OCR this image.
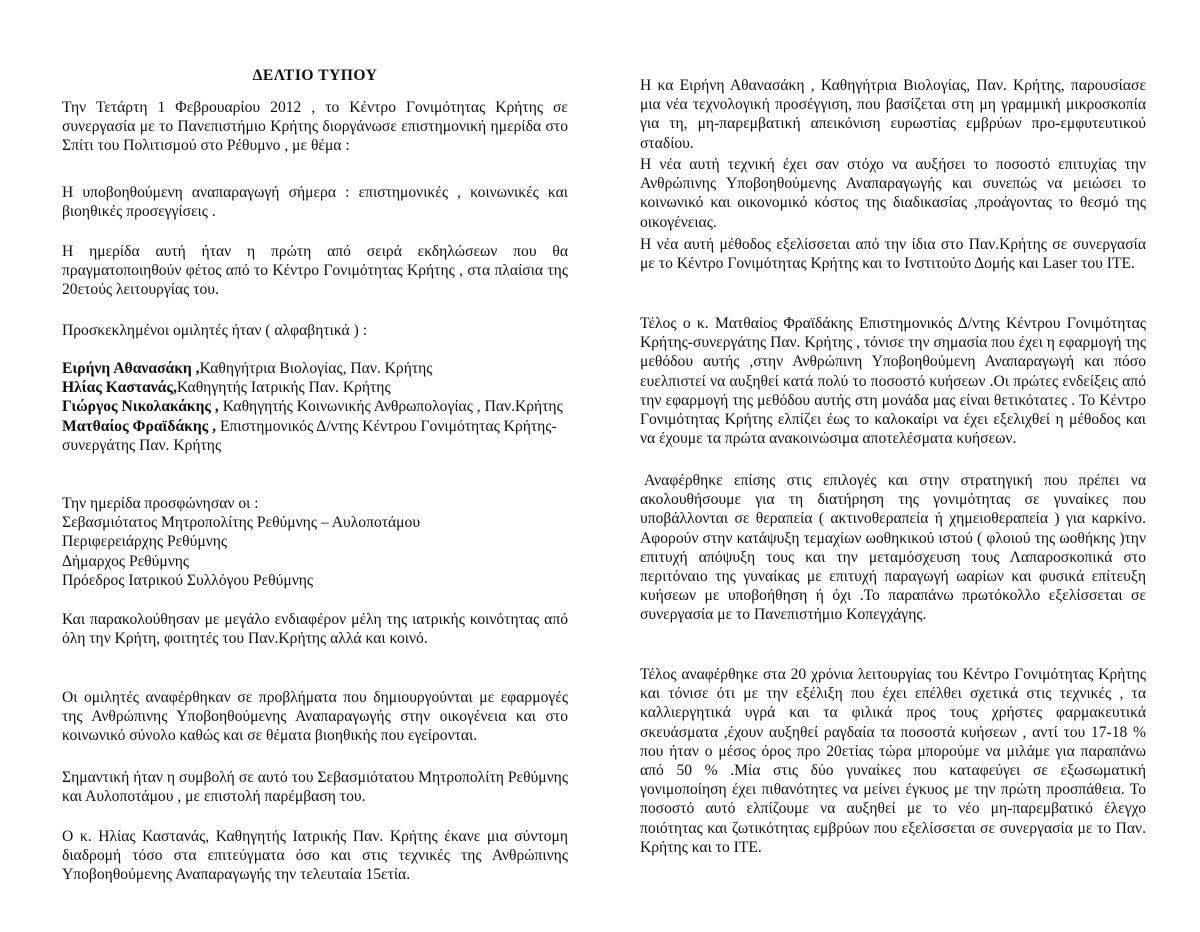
ΔΕΛΤΙΟ ΤΥΠΟΥ
Την Τετάρτη 1 Φεβρουαρίου 2012 , το Κέντρο Γονιμότητας Κρήτης σε συνεργασία με το Πανεπιστήμιο Κρήτης διοργάνωσε επιστημονική ημερίδα στο Σπίτι του Πολιτισμού στο Ρέθυμνο , με θέμα :
Η υποβοηθούμενη αναπαραγωγή σήμερα : επιστημονικές , κοινωνικές και βιοηθικές προσεγγίσεις .
Η ημερίδα αυτή ήταν η πρώτη από σειρά εκδηλώσεων που θα πραγματοποιηθούν φέτος από το Κέντρο Γονιμότητας Κρήτης , στα πλαίσια της 20ετούς λειτουργίας του.
Προσκεκλημένοι ομιλητές ήταν ( αλφαβητικά ) :
Ειρήνη Αθανασάκη ,Καθηγήτρια Βιολογίας, Παν. Κρήτης
Ηλίας Καστανάς,Καθηγητής Ιατρικής Παν. Κρήτης
Γιώργος Νικολακάκης , Καθηγητής Κοινωνικής Ανθρωπολογίας , Παν.Κρήτης
Ματθαίος Φραϊδάκης , Επιστημονικός Δ/ντης Κέντρου Γονιμότητας Κρήτης-συνεργάτης Παν. Κρήτης
Την ημερίδα προσφώνησαν οι :
Σεβασμιότατος Μητροπολίτης Ρεθύμνης – Αυλοποτάμου
Περιφερειάρχης Ρεθύμνης
Δήμαρχος Ρεθύμνης
Πρόεδρος Ιατρικού Συλλόγου Ρεθύμνης
Και παρακολούθησαν με μεγάλο ενδιαφέρον μέλη της ιατρικής κοινότητας από όλη την Κρήτη, φοιτητές του Παν.Κρήτης αλλά και κοινό.
Οι ομιλητές αναφέρθηκαν σε προβλήματα που δημιουργούνται με εφαρμογές της Ανθρώπινης Υποβοηθούμενης Αναπαραγωγής στην οικογένεια και στο κοινωνικό σύνολο καθώς και σε θέματα βιοηθικής που εγείρονται.
Σημαντική ήταν η συμβολή σε αυτό του Σεβασμιότατου Μητροπολίτη Ρεθύμνης και Αυλοποτάμου , με επιστολή παρέμβαση του.
Ο κ. Ηλίας Καστανάς, Καθηγητής Ιατρικής Παν. Κρήτης έκανε μια σύντομη διαδρομή τόσο στα επιτεύγματα όσο και στις τεχνικές της Ανθρώπινης Υποβοηθούμενης Αναπαραγωγής την τελευταία 15ετία.
Η κα Ειρήνη Αθανασάκη , Καθηγήτρια Βιολογίας, Παν. Κρήτης, παρουσίασε μια νέα τεχνολογική προσέγγιση, που βασίζεται στη μη γραμμική μικροσκοπία για τη, μη-παρεμβατική απεικόνιση ευρωστίας εμβρύων προ-εμφυτευτικού σταδίου.
Η νέα αυτή τεχνική έχει σαν στόχο να αυξήσει το ποσοστό επιτυχίας την Ανθρώπινης Υποβοηθούμενης Αναπαραγωγής και συνεπώς να μειώσει το κοινωνικό και οικονομικό κόστος της διαδικασίας ,προάγοντας το θεσμό της οικογένειας.
Η νέα αυτή μέθοδος εξελίσσεται από την ίδια στο Παν.Κρήτης σε συνεργασία με το Κέντρο Γονιμότητας Κρήτης και το Ινστιτούτο Δομής και Laser του ΙΤΕ.
Τέλος ο κ. Ματθαίος Φραϊδάκης Επιστημονικός Δ/ντης Κέντρου Γονιμότητας Κρήτης-συνεργάτης Παν. Κρήτης , τόνισε την σημασία που έχει η εφαρμογή της μεθόδου αυτής ,στην Ανθρώπινη Υποβοηθούμενη Αναπαραγωγή και πόσο ευελπιστεί να αυξηθεί κατά πολύ το ποσοστό κυήσεων .Οι πρώτες ενδείξεις από την εφαρμογή της μεθόδου αυτής στη μονάδα μας είναι θετικότατες . Το Κέντρο Γονιμότητας Κρήτης ελπίζει έως το καλοκαίρι να έχει εξελιχθεί η μέθοδος και να έχουμε τα πρώτα ανακοινώσιμα αποτελέσματα κυήσεων.
Αναφέρθηκε επίσης στις επιλογές και στην στρατηγική που πρέπει να ακολουθήσουμε για τη διατήρηση της γονιμότητας σε γυναίκες που υποβάλλονται σε θεραπεία ( ακτινοθεραπεία ή χημειοθεραπεία ) για καρκίνο. Αφορούν στην κατάψυξη τεμαχίων ωοθηκικού ιστού ( φλοιού της ωοθήκης )την επιτυχή απόψυξη τους και την μεταμόσχευση τους Λαπαροσκοπικά στο περιτόναιο της γυναίκας με επιτυχή παραγωγή ωαρίων και φυσικά επίτευξη κυήσεων με υποβοήθηση ή όχι .Το παραπάνω πρωτόκολλο εξελίσσεται σε συνεργασία με το Πανεπιστήμιο Κοπεγχάγης.
Τέλος αναφέρθηκε στα 20 χρόνια λειτουργίας του Κέντρο Γονιμότητας Κρήτης και τόνισε ότι με την εξέλιξη που έχει επέλθει σχετικά στις τεχνικές , τα καλλιεργητικά υγρά και τα φιλικά προς τους χρήστες φαρμακευτικά σκευάσματα ,έχουν αυξηθεί ραγδαία τα ποσοστά κυήσεων , αντί του 17-18 % που ήταν ο μέσος όρος προ 20ετίας τώρα μπορούμε να μιλάμε για παραπάνω από 50 % .Μία στις δύο γυναίκες που καταφεύγει σε εξωσωματική γονιμοποίηση έχει πιθανότητες να μείνει έγκυος με την πρώτη προσπάθεια. Το ποσοστό αυτό ελπίζουμε να αυξηθεί με το νέο μη-παρεμβατικό έλεγχο ποιότητας και ζωτικότητας εμβρύων που εξελίσσεται σε συνεργασία με το Παν. Κρήτης και το ΙΤΕ.
